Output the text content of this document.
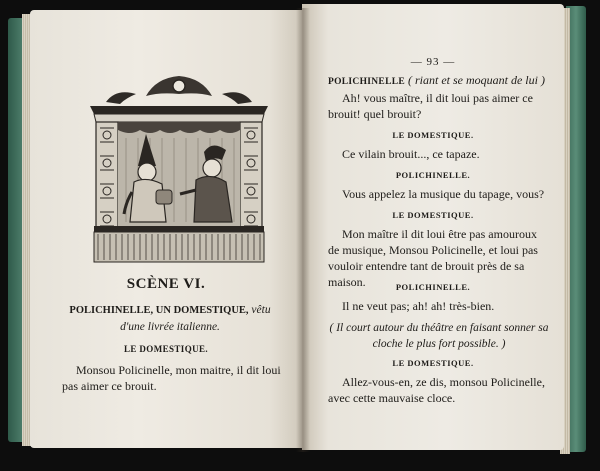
SCÈNE VI.
POLICHINELLE, UN DOMESTIQUE, vêtu d'une livrée italienne.
LE DOMESTIQUE.
Monsou Policinelle, mon maitre, il dit loui pas aimer ce brouit.
— 93 —
POLICHINELLE ( riant et se moquant de lui )
Ah! vous maître, il dit loui pas aimer ce brouit! quel brouit?
LE DOMESTIQUE.
Ce vilain brouit..., ce tapaze.
POLICHINELLE.
Vous appelez la musique du tapage, vous?
LE DOMESTIQUE.
Mon maître il dit loui être pas amouroux de musique, Monsou Policinelle, et loui pas vouloir entendre tant de brouit près de sa maison.	POLICHINELLE.
Il ne veut pas; ah! ah! très-bien.
( Il court autour du théâtre en faisant sonner sa cloche le plus fort possible. )
LE DOMESTIQUE.
Allez-vous-en, ze dis, monsou Policinelle, avec cette mauvaise cloce.
